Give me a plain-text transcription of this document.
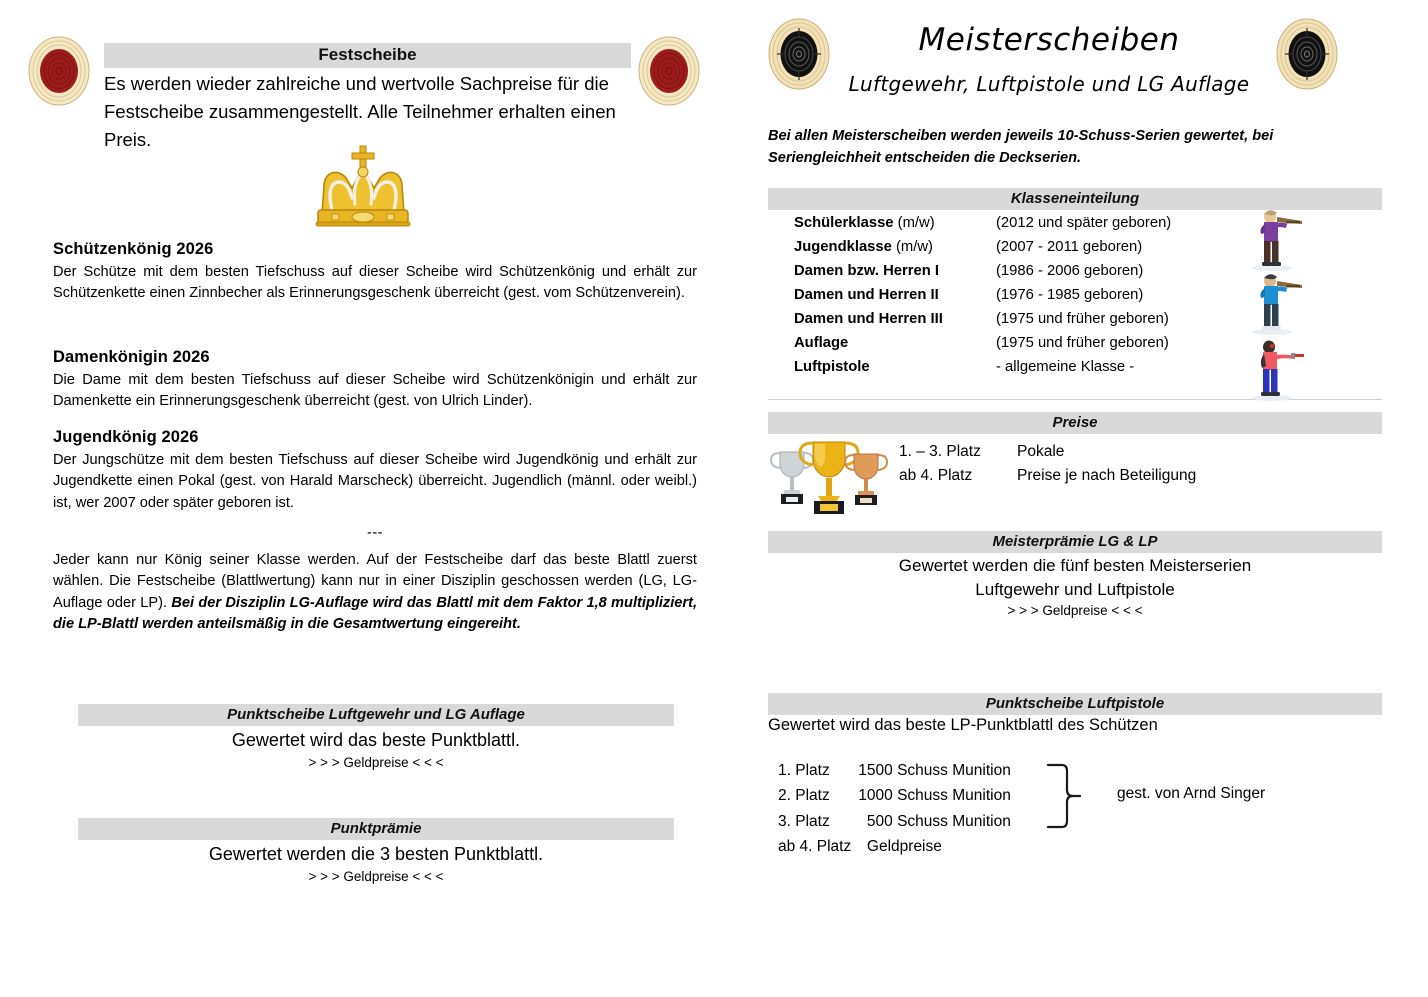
Festscheibe
Es werden wieder zahlreiche und wertvolle Sachpreise für die Festscheibe zusammengestellt. Alle Teilnehmer erhalten einen Preis.
Schützenkönig 2026
Der Schütze mit dem besten Tiefschuss auf dieser Scheibe wird Schützenkönig und erhält zur Schützenkette einen Zinnbecher als Erinnerungsgeschenk überreicht (gest. vom Schützenverein).
Damenkönigin 2026
Die Dame mit dem besten Tiefschuss auf dieser Scheibe wird Schützenkönigin und erhält zur Damenkette ein Erinnerungsgeschenk überreicht (gest. von Ulrich Linder).
Jugendkönig 2026
Der Jungschütze mit dem besten Tiefschuss auf dieser Scheibe wird Jugendkönig und erhält zur Jugendkette einen Pokal (gest. von Harald Marscheck) überreicht. Jugendlich (männl. oder weibl.) ist, wer 2007 oder später geboren ist.
---
Jeder kann nur König seiner Klasse werden. Auf der Festscheibe darf das beste Blattl zuerst wählen. Die Festscheibe (Blattlwertung) kann nur in einer Disziplin geschossen werden (LG, LG-Auflage oder LP). Bei der Disziplin LG-Auflage wird das Blattl mit dem Faktor 1,8 multipliziert, die LP-Blattl werden anteilsmäßig in die Gesamtwertung eingereiht.
Punktscheibe Luftgewehr und LG Auflage
Gewertet wird das beste Punktblattl.
> > > Geldpreise < < <
Punktprämie
Gewertet werden die 3 besten Punktblattl.
> > > Geldpreise < < <
Meisterscheiben
Luftgewehr, Luftpistole und LG Auflage
Bei allen Meisterscheiben werden jeweils 10-Schuss-Serien gewertet, bei Seriengleichheit entscheiden die Deckserien.
Klasseneinteilung
Schülerklasse (m/w)	(2012 und später geboren)
Jugendklasse (m/w)	(2007 - 2011 geboren)
Damen bzw. Herren I	(1986 - 2006 geboren)
Damen und Herren II	(1976 - 1985 geboren)
Damen und Herren III	(1975 und früher geboren)
Auflage	(1975 und früher geboren)
Luftpistole	- allgemeine Klasse -
Preise
1. – 3. Platz	Pokale
ab 4. Platz	Preise je nach Beteiligung
Meisterprämie LG & LP
Gewertet werden die fünf besten Meisterserien
Luftgewehr und Luftpistole
> > > Geldpreise < < <
Punktscheibe Luftpistole
Gewertet wird das beste LP-Punktblattl des Schützen
1. Platz	1500 Schuss Munition
2. Platz	1000 Schuss Munition
3. Platz	500 Schuss Munition
ab 4. Platz Geldpreise
gest. von Arnd Singer
